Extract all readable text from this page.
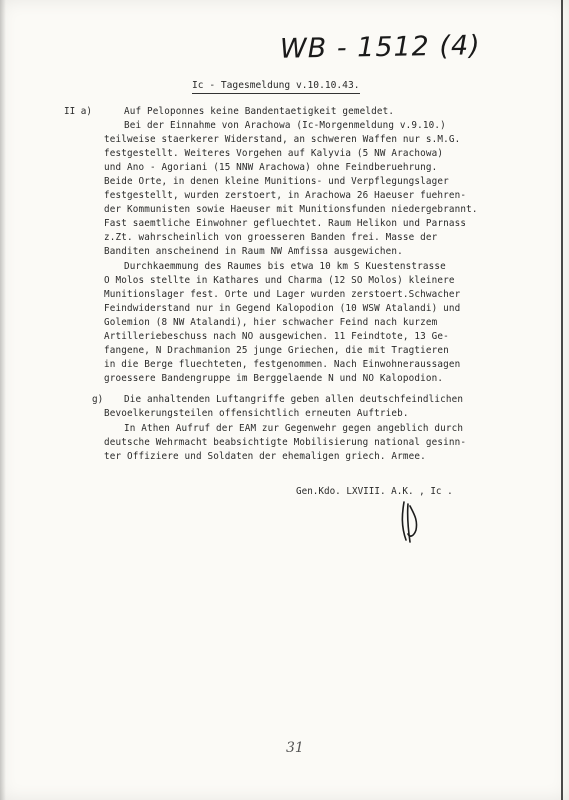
WB - 1512 (4)
Ic - Tagesmeldung v.10.10.43.
II a)	Auf Peloponnes keine Bandentaetigkeit gemeldet.
Bei der Einnahme von Arachowa (Ic-Morgenmeldung v.9.10.)
teilweise staerkerer Widerstand, an schweren Waffen nur s.M.G.
festgestellt. Weiteres Vorgehen auf Kalyvia (5 NW Arachowa)
und Ano - Agoriani (15 NNW Arachowa) ohne Feindberuehrung.
Beide Orte, in denen kleine Munitions- und Verpflegungslager
festgestellt, wurden zerstoert, in Arachowa 26 Haeuser fuehren-
der Kommunisten sowie Haeuser mit Munitionsfunden niedergebrannt.
Fast saemtliche Einwohner gefluechtet. Raum Helikon und Parnass
z.Zt. wahrscheinlich von groesseren Banden frei. Masse der
Banditen anscheinend in Raum NW Amfissa ausgewichen.
Durchkaemmung des Raumes bis etwa 10 km S Kuestenstrasse
O Molos stellte in Kathares und Charma (12 SO Molos) kleinere
Munitionslager fest. Orte und Lager wurden zerstoert.Schwacher
Feindwiderstand nur in Gegend Kalopodion (10 WSW Atalandi) und
Golemion (8 NW Atalandi), hier schwacher Feind nach kurzem
Artilleriebeschuss nach NO ausgewichen. 11 Feindtote, 13 Ge-
fangene, N Drachmanion 25 junge Griechen, die mit Tragtieren
in die Berge fluechteten, festgenommen. Nach Einwohneraussagen
groessere Bandengruppe im Berggelaende N und NO Kalopodion.
g) Die anhaltenden Luftangriffe geben allen deutschfeindlichen
Bevoelkerungsteilen offensichtlich erneuten Auftrieb.
In Athen Aufruf der EAM zur Gegenwehr gegen angeblich durch
deutsche Wehrmacht beabsichtigte Mobilisierung national gesinn-
ter Offiziere und Soldaten der ehemaligen griech. Armee.
Gen.Kdo. LXVIII. A.K. , Ic .
31
